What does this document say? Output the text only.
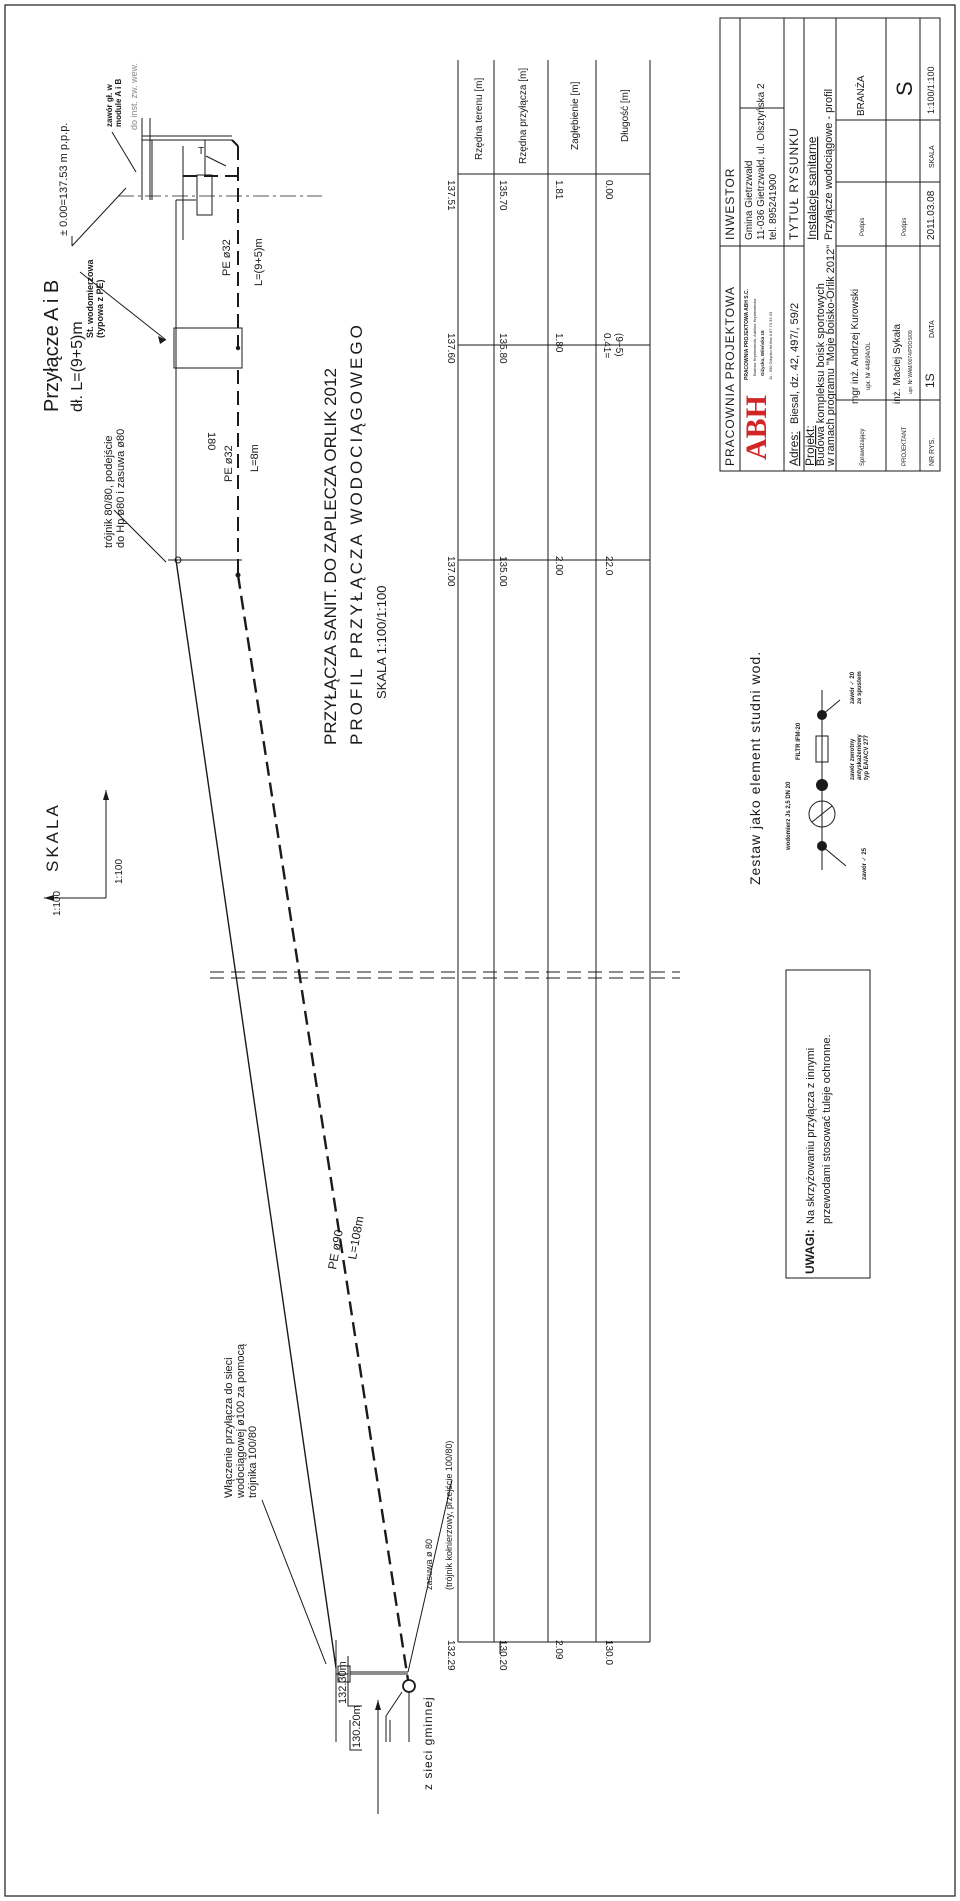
Przyłącze A i B dł. L=(9+5)m
PRZYŁĄCZA SANIT. DO ZAPLECZA ORLIK 2012 PROFIL PRZYŁĄCZA WODOCIĄGOWEGO SKALA 1:100/1:100
SKALA	1:100
1:100
± 0.00=137.53 m p.p.p.
zawór gł. w module A i B do inst. zw. wew.
St. wodomierzowa (typowa z PE)
trójnik 80/80, podejście do Hp ø80 i zasuwa ø80
PE ø32 L=(9+5)m
PE ø32 L=8m
180
T
PE ø90 L=108m
Włączenie przyłącza do sieci wodociągowej ø100 za pomocą trójnika 100/80
zasuwa ø 80 (trójnik kołnierzowy, przejście 100/80)
132.30m
130.20m	z sieci gminnej
Rzędna terenu [m]	Rzędna przyłącza [m]	Zagłębienie [m]	Długość [m]
137.51	135.70	1.81	0.00
137.60	135.80	1.80	0.41= (9+5)
137.00	135.00	2.00	22.0
132.29	130.20	2.09	130.0
Zestaw jako element studni wod.	wodomierz Js 2,5 DN 20
zawór ✓ 25
zawór zwrotny antyskażeniowy typ EA/ACV 277
FILTR IFM-20
zawór ✓ 20 ze spustem
UWAGI:
Na skrzyżowaniu przyłącza z innymi przewodami stosować tuleje ochronne.
PRACOWNIA PROJEKTOWA
INWESTOR
ABH
PRACOWNIA PROJEKTOWA ABH S.C. Bartosz Hryniewiecki, Adelina Hryniewiecka Giżycko, Wileńska 18 11 - 500 Giżycko tel./fax 0 87 73 33 33
Gmina Gietrzwałd 11-036 Gietrzwałd, ul. Olsztyńska 2 tel. 895241900
Adres:
Biesal, dz. 42, 497/, 59/2
TYTUŁ RYSUNKU
Projekt:
Budowa kompleksu boisk sportowych
w ramach programu "Moje boisko-Orlik 2012"
Instalacje sanitarne Przyłącze wodociągowe - profil
Sprawdzający
mgr inż. Andrzej Kurowski upr. Nr 448/94/OL
Podpis
PROJEKTANT
inż. Maciej Sykała upr. Nr WAM/0074/POOS/09
Podpis
BRANŻA S
NR RYS.
1S
DATA
2011.03.08
SKALA
1:100/1:100
